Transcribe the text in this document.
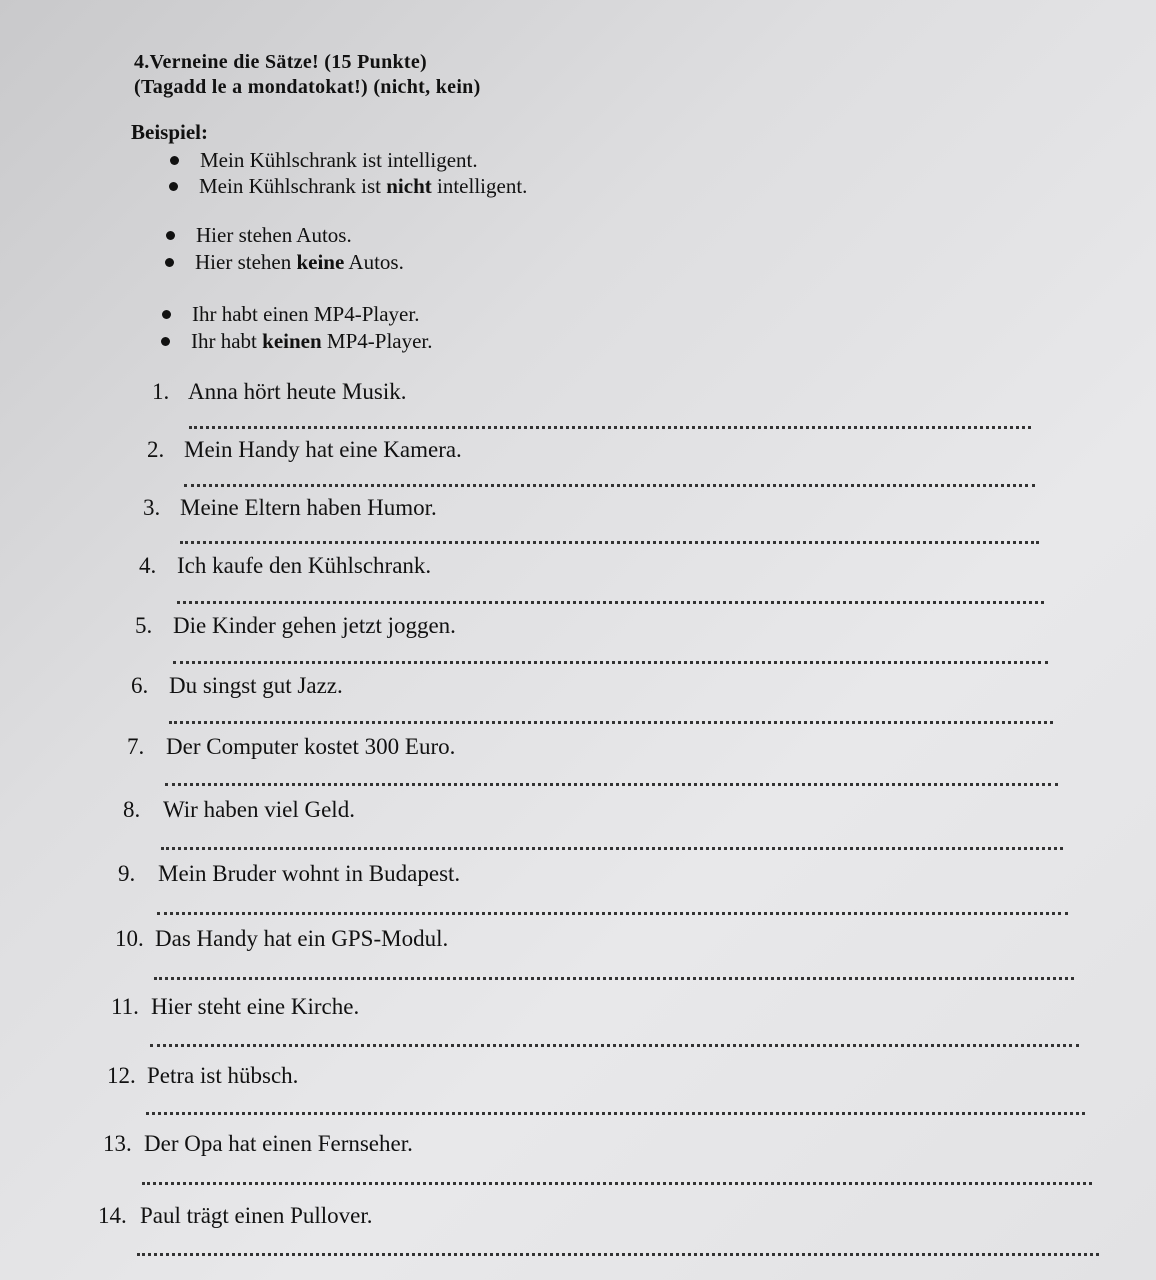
4.Verneine die Sätze! (15 Punkte)
(Tagadd le a mondatokat!) (nicht, kein)
Beispiel:
Mein Kühlschrank ist intelligent.
Mein Kühlschrank ist nicht intelligent.
Hier stehen Autos.
Hier stehen keine Autos.
Ihr habt einen MP4-Player.
Ihr habt keinen MP4-Player.
1. Anna hört heute Musik.
2. Mein Handy hat eine Kamera.
3. Meine Eltern haben Humor.
4. Ich kaufe den Kühlschrank.
5. Die Kinder gehen jetzt joggen.
6. Du singst gut Jazz.
7. Der Computer kostet 300 Euro.
8. Wir haben viel Geld.
9. Mein Bruder wohnt in Budapest.
10. Das Handy hat ein GPS-Modul.
11. Hier steht eine Kirche.
12. Petra ist hübsch.
13. Der Opa hat einen Fernseher.
14. Paul trägt einen Pullover.
